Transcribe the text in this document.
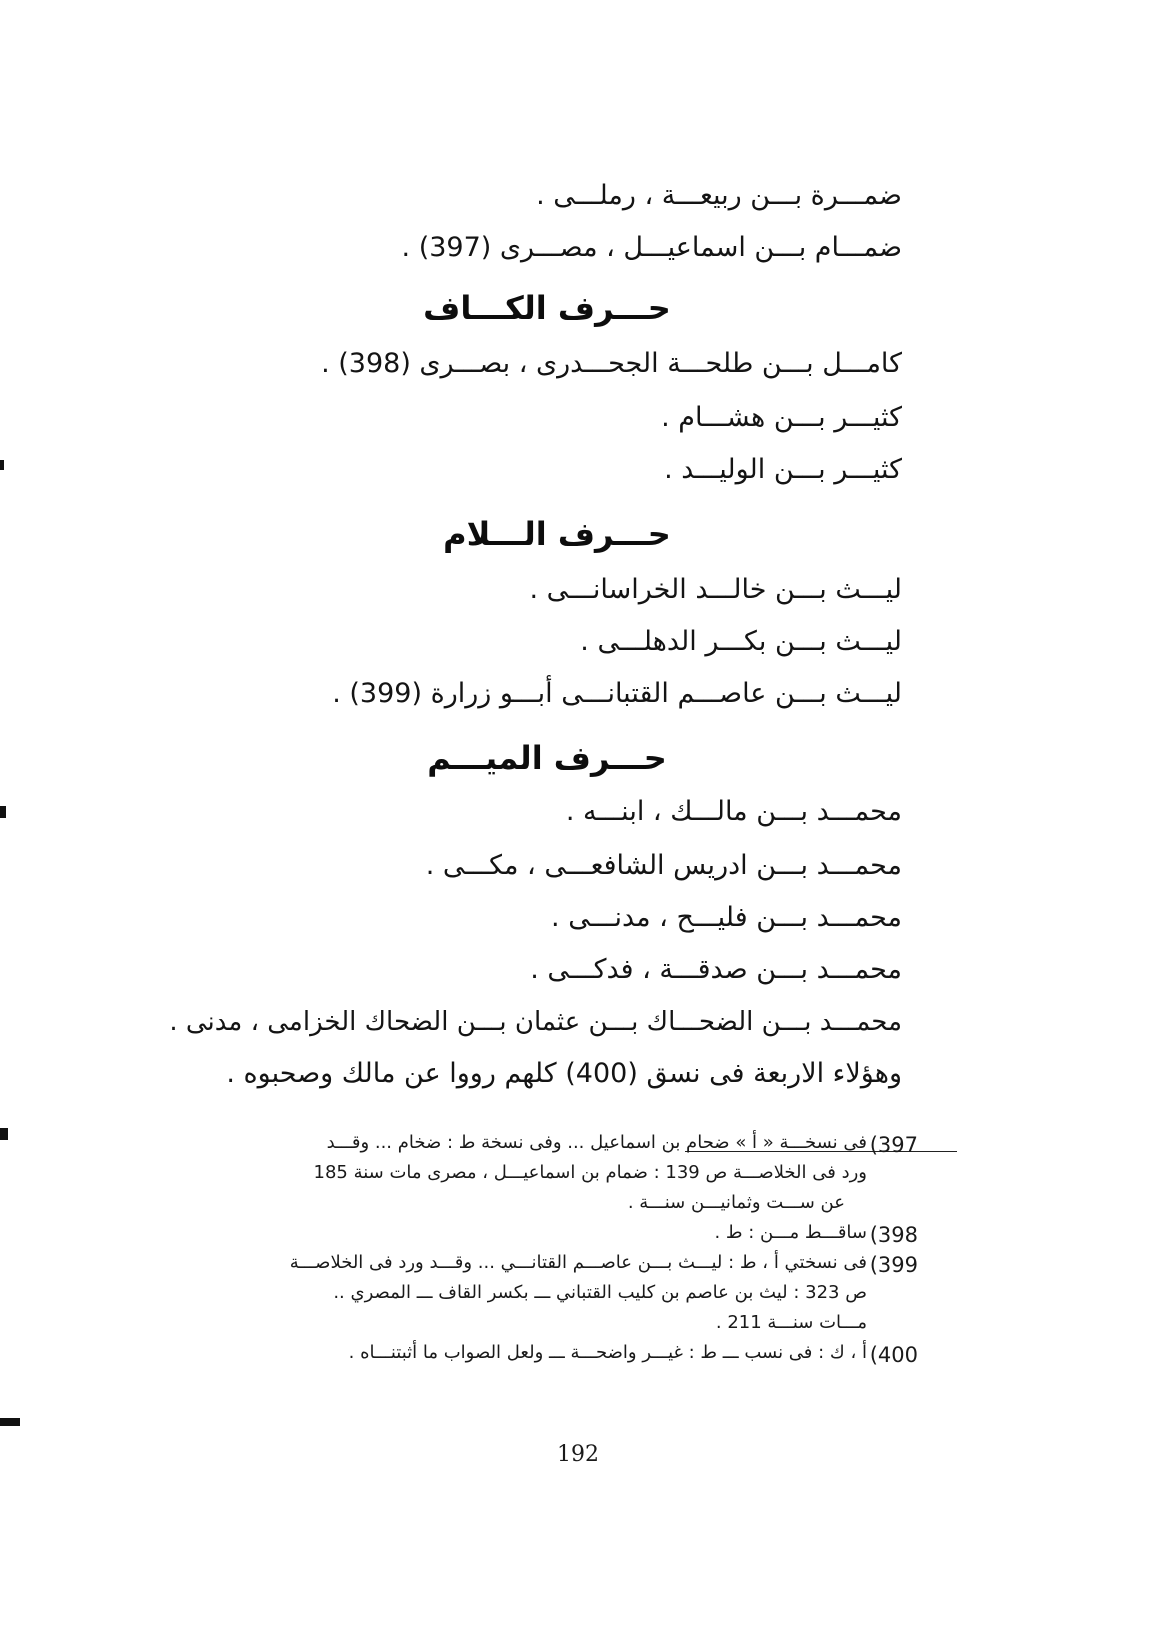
ضمـــرة بـــن ربيعـــة ، رملـــى .
ضمـــام بـــن اسماعيـــل ، مصـــرى (397) .
حـــرف الكـــاف
كامـــل بـــن طلحـــة الجحـــدرى ، بصـــرى (398) .
كثيـــر بـــن هشـــام .
كثيـــر بـــن الوليـــد .
حـــرف الـــلام
ليـــث بـــن خالـــد الخراسانـــى .
ليـــث بـــن بكـــر الدهلـــى .
ليـــث بـــن عاصـــم القتبانـــى أبـــو زرارة (399) .
حـــرف الميـــم
محمـــد بـــن مالـــك ، ابنـــه .
محمـــد بـــن ادريس الشافعـــى ، مكـــى .
محمـــد بـــن فليـــح ، مدنـــى .
محمـــد بـــن صدقـــة ، فدكـــى .
محمـــد بـــن الضحـــاك بـــن عثمان بـــن الضحاك الخزامى ، مدنى .
وهؤلاء الاربعة فى نسق (400) كلهم رووا عن مالك وصحبوه .
(397
فى نسخـــة « أ » ضحام بن اسماعيل ... وفى نسخة ط : ضخام ... وقـــد
ورد فى الخلاصـــة ص 139 : ضمام بن اسماعيـــل ، مصرى مات سنة 185
عن ســـت وثمانيـــن سنـــة .
(398
ساقـــط مـــن : ط .
(399
فى نسختي أ ، ط : ليـــث بـــن عاصـــم القتانـــي ... وقـــد ورد فى الخلاصـــة
ص 323 : ليث بن عاصم بن كليب القتباني ـــ بكسر القاف ـــ المصري ..
مـــات سنـــة 211 .
(400
أ ، ك : فى نسب ـــ ط : غيـــر واضحـــة ـــ ولعل الصواب ما أثبتنـــاه .
192
